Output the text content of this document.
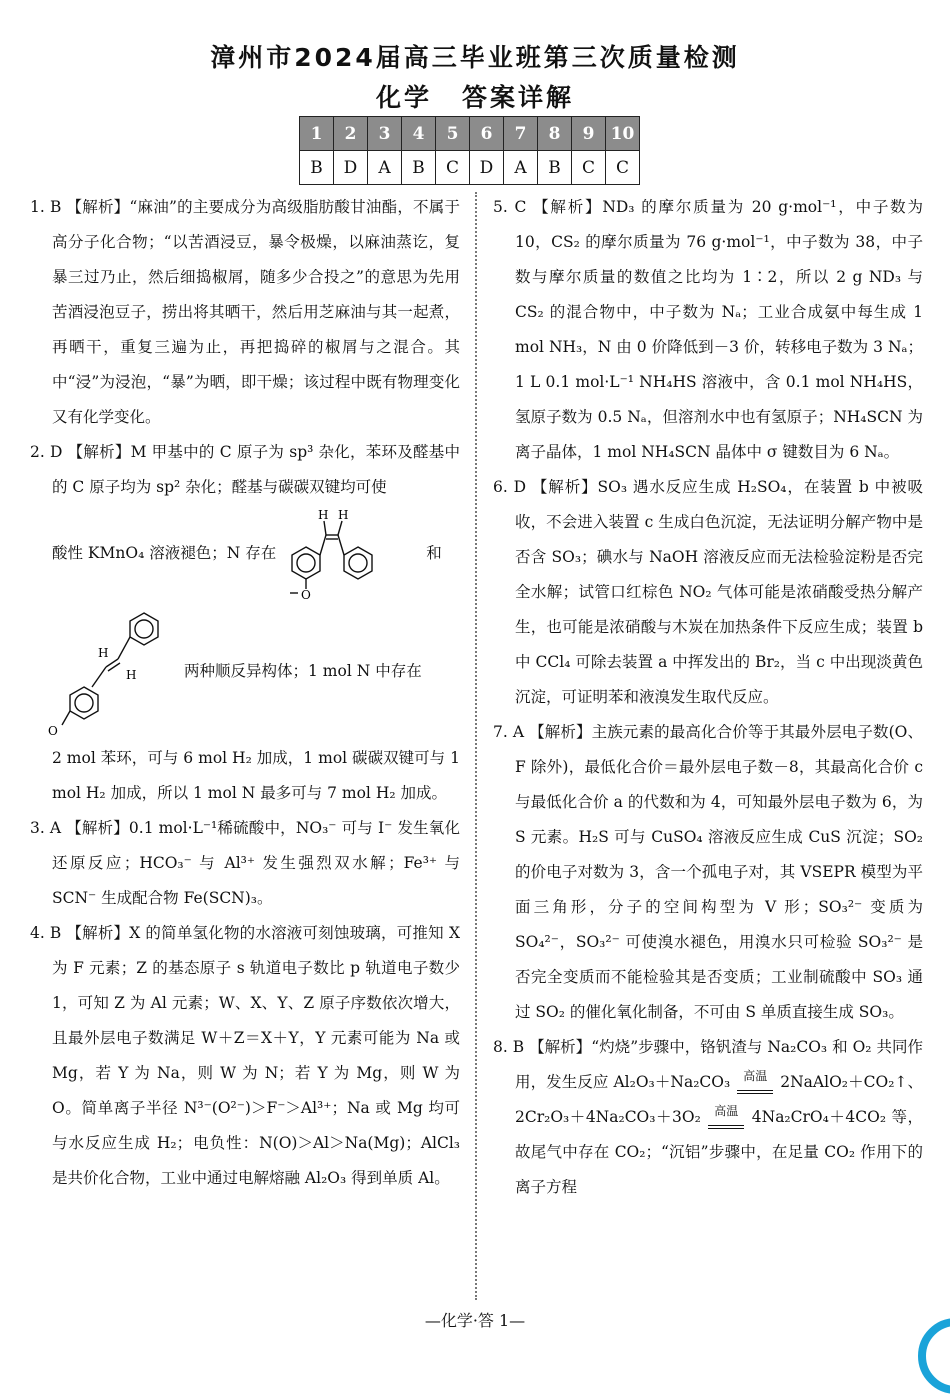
漳州市2024届高三毕业班第三次质量检测
化学 答案详解
1	2	3	4	5	6	7	8	9	10
B	D	A	B	C	D	A	B	C	C

1. B 【解析】“麻油”的主要成分为高级脂肪酸甘油酯，不属于高分子化合物；“以苦酒浸豆，暴令极燥，以麻油蒸讫，复暴三过乃止，然后细捣椒屑，随多少合投之”的意思为先用苦酒浸泡豆子，捞出将其晒干，然后用芝麻油与其一起煮，再晒干，重复三遍为止，再把捣碎的椒屑与之混合。其中“浸”为浸泡，“暴”为晒，即干燥；该过程中既有物理变化又有化学变化。

2. D 【解析】M 甲基中的 C 原子为 sp³ 杂化，苯环及醛基中的 C 原子均为 sp² 杂化；醛基与碳碳双键均可使

酸性 KMnO₄ 溶液褪色；N 存在
H H
O
和
H
H
O
两种顺反异构体；1 mol N 中存在

2 mol 苯环，可与 6 mol H₂ 加成，1 mol 碳碳双键可与 1 mol H₂ 加成，所以 1 mol N 最多可与 7 mol H₂ 加成。

3. A 【解析】0.1 mol·L⁻¹稀硫酸中，NO₃⁻ 可与 I⁻ 发生氧化还原反应；HCO₃⁻ 与 Al³⁺ 发生强烈双水解；Fe³⁺ 与 SCN⁻ 生成配合物 Fe(SCN)₃。

4. B 【解析】X 的简单氢化物的水溶液可刻蚀玻璃，可推知 X 为 F 元素；Z 的基态原子 s 轨道电子数比 p 轨道电子数少 1，可知 Z 为 Al 元素；W、X、Y、Z 原子序数依次增大，且最外层电子数满足 W＋Z＝X＋Y，Y 元素可能为 Na 或 Mg，若 Y 为 Na，则 W 为 N；若 Y 为 Mg，则 W 为 O。简单离子半径 N³⁻(O²⁻)＞F⁻＞Al³⁺；Na 或 Mg 均可与水反应生成 H₂；电负性：N(O)＞Al＞Na(Mg)；AlCl₃ 是共价化合物，工业中通过电解熔融 Al₂O₃ 得到单质 Al。

5. C 【解析】ND₃ 的摩尔质量为 20 g·mol⁻¹，中子数为 10，CS₂ 的摩尔质量为 76 g·mol⁻¹，中子数为 38，中子数与摩尔质量的数值之比均为 1∶2，所以 2 g ND₃ 与 CS₂ 的混合物中，中子数为 Nₐ；工业合成氨中每生成 1 mol NH₃，N 由 0 价降低到－3 价，转移电子数为 3 Nₐ；1 L 0.1 mol·L⁻¹ NH₄HS 溶液中，含 0.1 mol NH₄HS，氢原子数为 0.5 Nₐ，但溶剂水中也有氢原子；NH₄SCN 为离子晶体，1 mol NH₄SCN 晶体中 σ 键数目为 6 Nₐ。

6. D 【解析】SO₃ 遇水反应生成 H₂SO₄，在装置 b 中被吸收，不会进入装置 c 生成白色沉淀，无法证明分解产物中是否含 SO₃；碘水与 NaOH 溶液反应而无法检验淀粉是否完全水解；试管口红棕色 NO₂ 气体可能是浓硝酸受热分解产生，也可能是浓硝酸与木炭在加热条件下反应生成；装置 b 中 CCl₄ 可除去装置 a 中挥发出的 Br₂，当 c 中出现淡黄色沉淀，可证明苯和液溴发生取代反应。

7. A 【解析】主族元素的最高化合价等于其最外层电子数(O、F 除外)，最低化合价＝最外层电子数－8，其最高化合价 c 与最低化合价 a 的代数和为 4，可知最外层电子数为 6，为 S 元素。H₂S 可与 CuSO₄ 溶液反应生成 CuS 沉淀；SO₂ 的价电子对数为 3，含一个孤电子对，其 VSEPR 模型为平面三角形，分子的空间构型为 V 形；SO₃²⁻ 变质为 SO₄²⁻，SO₃²⁻ 可使溴水褪色，用溴水只可检验 SO₃²⁻ 是否完全变质而不能检验其是否变质；工业制硫酸中 SO₃ 通过 SO₂ 的催化氧化制备，不可由 S 单质直接生成 SO₃。

8. B 【解析】“灼烧”步骤中，铬钒渣与 Na₂CO₃ 和 O₂ 共同作用，发生反应 Al₂O₃＋Na₂CO₃ 高温 2NaAlO₂＋CO₂↑、 2Cr₂O₃＋4Na₂CO₃＋3O₂ 高温 4Na₂CrO₄＋4CO₂ 等，故尾气中存在 CO₂；“沉铝”步骤中，在足量 CO₂ 作用下的离子方程

—化学·答 1—
